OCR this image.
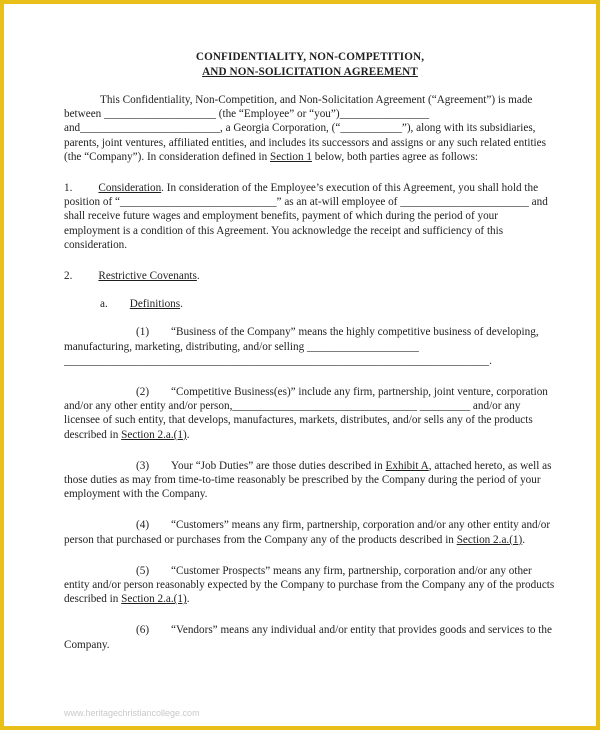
CONFIDENTIALITY, NON-COMPETITION,
AND NON-SOLICITATION AGREEMENT

This Confidentiality, Non-Competition, and Non-Solicitation Agreement (“Agreement”) is made between ____________________ (the “Employee” or “you”)________________ and_________________________, a Georgia Corporation, (“___________”), along with its subsidiaries, parents, joint ventures, affiliated entities, and includes its successors and assigns or any such related entities (the “Company”). In consideration defined in Section 1 below, both parties agree as follows:

1. Consideration. In consideration of the Employee’s execution of this Agreement, you shall hold the position of “____________________________” as an at-will employee of _______________________ and shall receive future wages and employment benefits, payment of which during the period of your employment is a condition of this Agreement. You acknowledge the receipt and sufficiency of this consideration.

2. Restrictive Covenants.

a. Definitions.

(1) “Business of the Company” means the highly competitive business of developing, manufacturing, marketing, distributing, and/or selling ____________________ ____________________________________________________________________________.

(2) “Competitive Business(es)” include any firm, partnership, joint venture, corporation and/or any other entity and/or person,_________________________________ _________ and/or any licensee of such entity, that develops, manufactures, markets, distributes, and/or sells any of the products described in Section 2.a.(1).

(3) Your “Job Duties” are those duties described in Exhibit A, attached hereto, as well as those duties as may from time-to-time reasonably be prescribed by the Company during the period of your employment with the Company.

(4) “Customers” means any firm, partnership, corporation and/or any other entity and/or person that purchased or purchases from the Company any of the products described in Section 2.a.(1).

(5) “Customer Prospects” means any firm, partnership, corporation and/or any other entity and/or person reasonably expected by the Company to purchase from the Company any of the products described in Section 2.a.(1).

(6) “Vendors” means any individual and/or entity that provides goods and services to the Company.

www.heritagechristiancollege.com
